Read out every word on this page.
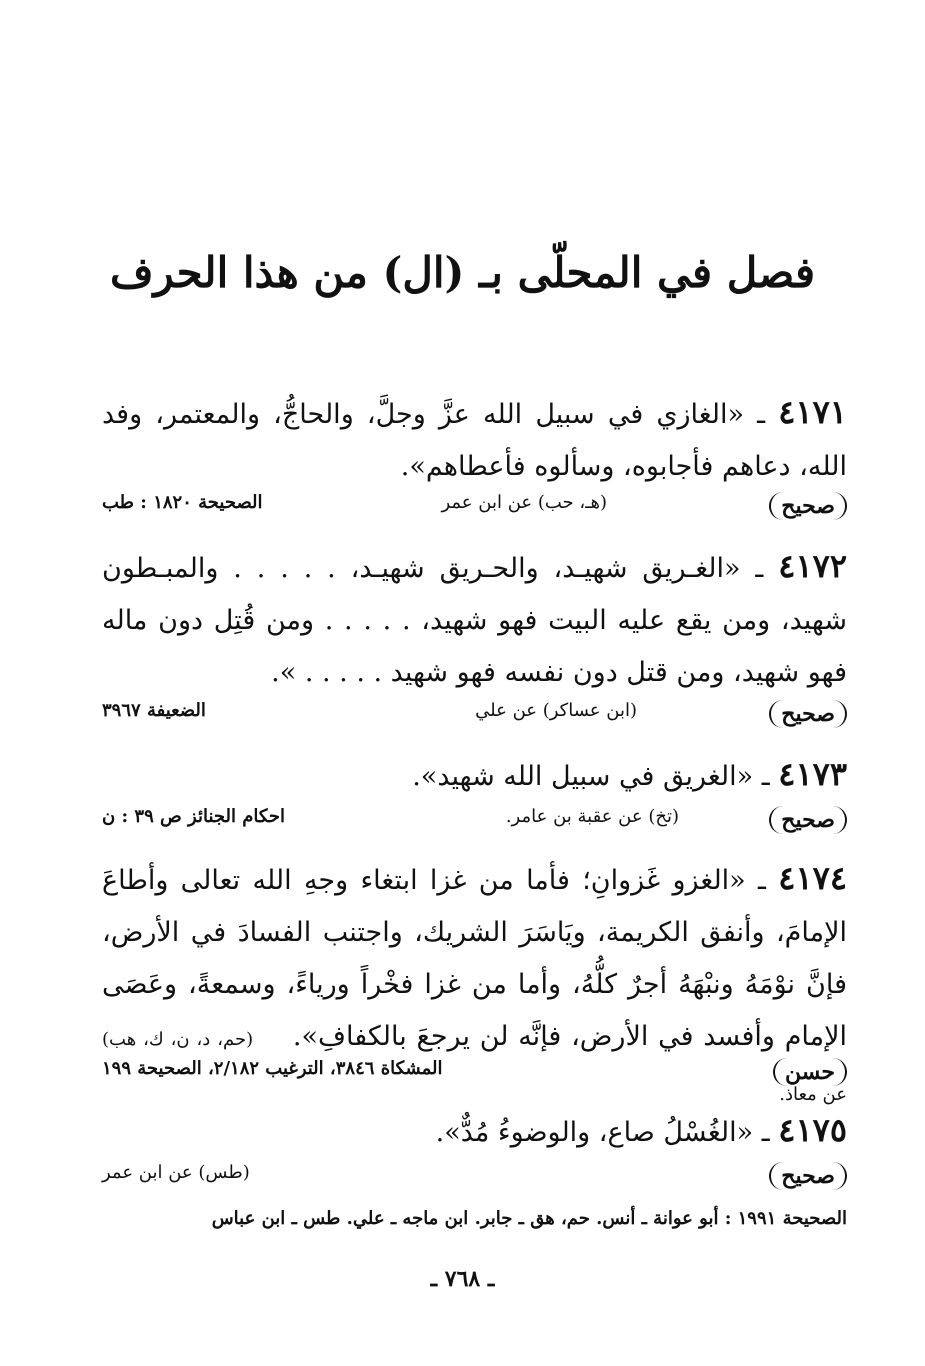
فصل في المحلّى بـ (ال) من هذا الحرف
٤١٧١ ـ «الغازي في سبيل الله عزَّ وجلَّ، والحاجُّ، والمعتمر، وفد الله، دعاهم فأجابوه، وسألوه فأعطاهم».
صحيح
(هـ، حب) عن ابن عمر
الصحيحة ١٨٢٠ : طب
٤١٧٢ ـ «الغـريق شهيـد، والحـريق شهيـد، . . . . . والمبـطون شهيد، ومن يقع عليه البيت فهو شهيد، . . . . . ومن قُتِل دون ماله فهو شهيد، ومن قتل دون نفسه فهو شهيد . . . . . ».
صحيح
(ابن عساكر) عن علي
الضعيفة ٣٩٦٧
٤١٧٣ ـ «الغريق في سبيل الله شهيد».
صحيح
(تخ) عن عقبة بن عامر.
احكام الجنائز ص ٣٩ : ن
٤١٧٤ ـ «الغزو غَزوانِ؛ فأما من غزا ابتغاء وجهِ الله تعالى وأطاعَ الإمامَ، وأنفق الكريمة، ويَاسَرَ الشريك، واجتنب الفسادَ في الأرض، فإنَّ نوْمَهُ ونبْهَهُ أجرٌ كلُّهُ، وأما من غزا فخْراً ورياءً، وسمعةً، وعَصَى الإمام وأفسد في الأرض، فإنَّه لن يرجعَ بالكفافِ». (حم، د، ن، ك، هب) عن معاذ.
حسن
المشكاة ٣٨٤٦، الترغيب ٢/١٨٢، الصحيحة ١٩٩
٤١٧٥ ـ «الغُسْلُ صاع، والوضوءُ مُدٌّ».
صحيح
(طس) عن ابن عمر
الصحيحة ١٩٩١ : أبو عوانة ـ أنس. حم، هق ـ جابر. ابن ماجه ـ علي. طس ـ ابن عباس
ـ ٧٦٨ ـ
